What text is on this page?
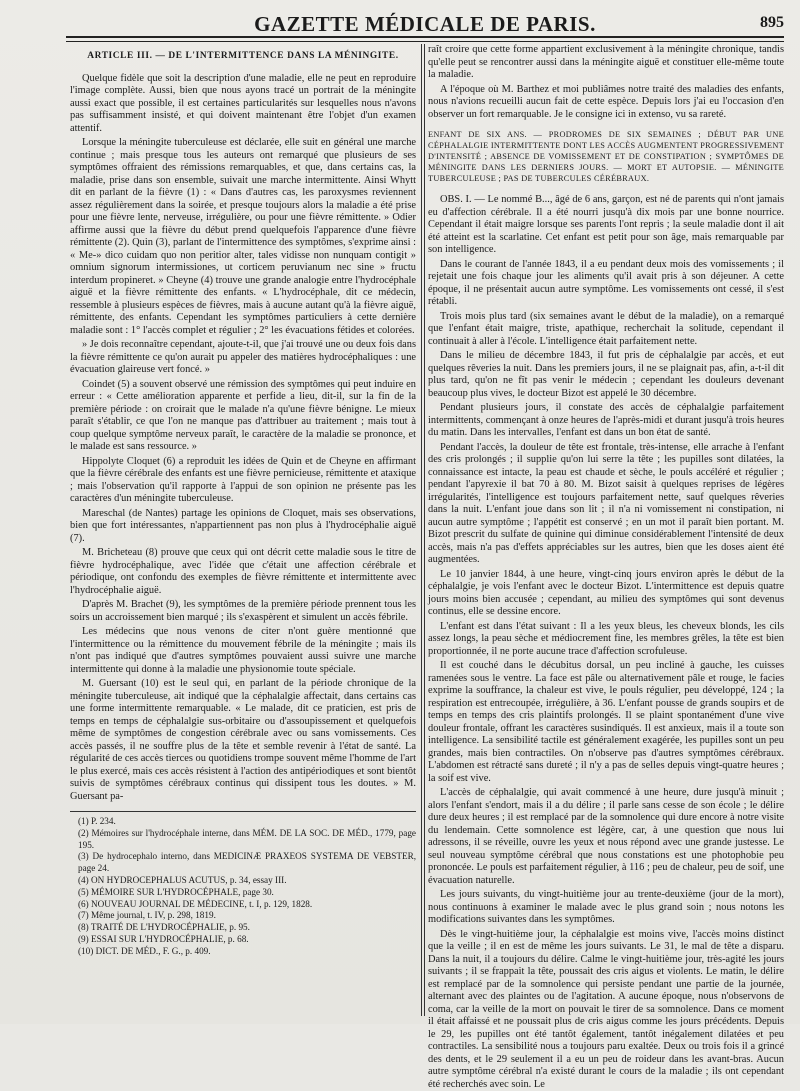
GAZETTE MÉDICALE DE PARIS.	895
ARTICLE III. — DE L'INTERMITTENCE DANS LA MÉNINGITE.

Quelque fidèle que soit la description d'une maladie, elle ne peut en reproduire l'image complète. Aussi, bien que nous ayons tracé un portrait de la méningite aussi exact que possible, il est certaines particularités sur lesquelles nous n'avons pas suffisamment insisté, et qui doivent maintenant être l'objet d'un examen attentif.

Lorsque la méningite tuberculeuse est déclarée, elle suit en général une marche continue ; mais presque tous les auteurs ont remarqué que plusieurs de ses symptômes offraient des rémissions remarquables, et que, dans certains cas, la maladie, prise dans son ensemble, suivait une marche intermittente. Ainsi Whytt dit en parlant de la fièvre (1) : « Dans d'autres cas, les paroxysmes reviennent assez régulièrement dans la soirée, et presque toujours alors la maladie a été prise pour une fièvre lente, nerveuse, irrégulière, ou pour une fièvre rémittente. » Odier affirme aussi que la fièvre du début prend quelquefois l'apparence d'une fièvre rémittente (2). Quin (3), parlant de l'intermittence des symptômes, s'exprime ainsi : « Me-» dico cuidam quo non peritior alter, tales vidisse non nunquam contigit » omnium signorum intermissiones, ut corticem peruvianum nec sine » fructu interdum propineret. » Cheyne (4) trouve une grande analogie entre l'hydrocéphale aiguë et la fièvre rémittente des enfants. « L'hydrocéphale, dit ce médecin, ressemble à plusieurs espèces de fièvres, mais à aucune autant qu'à la fièvre aiguë, rémittente, des enfants. Cependant les symptômes particuliers à cette dernière maladie sont : 1° l'accès complet et régulier ; 2° les évacuations fétides et colorées.

» Je dois reconnaître cependant, ajoute-t-il, que j'ai trouvé une ou deux fois dans la fièvre rémittente ce qu'on aurait pu appeler des matières hydrocéphaliques : une évacuation glaireuse vert foncé. »

Coindet (5) a souvent observé une rémission des symptômes qui peut induire en erreur : « Cette amélioration apparente et perfide a lieu, dit-il, sur la fin de la première période : on croirait que le malade n'a qu'une fièvre bénigne. Le mieux paraît s'établir, ce que l'on ne manque pas d'attribuer au traitement ; mais tout à coup quelque symptôme nerveux paraît, le caractère de la maladie se prononce, et le malade est sans ressource. »

Hippolyte Cloquet (6) a reproduit les idées de Quin et de Cheyne en affirmant que la fièvre cérébrale des enfants est une fièvre pernicieuse, rémittente et ataxique ; mais l'observation qu'il rapporte à l'appui de son opinion ne présente pas les caractères d'un méningite tuberculeuse.

Mareschal (de Nantes) partage les opinions de Cloquet, mais ses observations, bien que fort intéressantes, n'appartiennent pas non plus à l'hydrocéphalie aiguë (7).

M. Bricheteau (8) prouve que ceux qui ont décrit cette maladie sous le titre de fièvre hydrocéphalique, avec l'idée que c'était une affection cérébrale et périodique, ont confondu des exemples de fièvre rémittente et intermittente avec l'hydrocéphalie aiguë.

D'après M. Brachet (9), les symptômes de la première période prennent tous les soirs un accroissement bien marqué ; ils s'exaspèrent et simulent un accès fébrile.

Les médecins que nous venons de citer n'ont guère mentionné que l'intermittence ou la rémittence du mouvement fébrile de la méningite ; mais ils n'ont pas indiqué que d'autres symptômes pouvaient aussi suivre une marche intermittente qui donne à la maladie une physionomie toute spéciale.

M. Guersant (10) est le seul qui, en parlant de la période chronique de la méningite tuberculeuse, ait indiqué que la céphalalgie affectait, dans certains cas une forme intermittente remarquable. « Le malade, dit ce praticien, est pris de temps en temps de céphalalgie sus-orbitaire ou d'assoupissement et quelquefois même de symptômes de congestion cérébrale avec ou sans vomissements. Ces accès passés, il ne souffre plus de la tête et semble revenir à l'état de santé. La régularité de ces accès tierces ou quotidiens trompe souvent même l'homme de l'art le plus exercé, mais ces accès résistent à l'action des antipériodiques et sont bientôt suivis de symptômes cérébraux continus qui dissipent tous les doutes. » M. Guersant pa-

(1) P. 234.

(2) Mémoires sur l'hydrocéphale interne, dans MÉM. DE LA SOC. DE MÉD., 1779, page 195.

(3) De hydrocephalo interno, dans MEDICINÆ PRAXEOS SYSTEMA DE VEBSTER, page 24.

(4) ON HYDROCEPHALUS ACUTUS, p. 34, essay III.

(5) MÉMOIRE SUR L'HYDROCÉPHALE, page 30.

(6) NOUVEAU JOURNAL DE MÉDECINE, t. I, p. 129, 1828.

(7) Même journal, t. IV, p. 298, 1819.

(8) TRAITÉ DE L'HYDROCÉPHALIE, p. 95.

(9) ESSAI SUR L'HYDROCÉPHALIE, p. 68.

(10) DICT. DE MÉD., F. G., p. 409.

raît croire que cette forme appartient exclusivement à la méningite chronique, tandis qu'elle peut se rencontrer aussi dans la méningite aiguë et constituer elle-même toute la maladie.

A l'époque où M. Barthez et moi publiâmes notre traité des maladies des enfants, nous n'avions recueilli aucun fait de cette espèce. Depuis lors j'ai eu l'occasion d'en observer un fort remarquable. Je le consigne ici in extenso, vu sa rareté.

ENFANT DE SIX ANS. — PRODROMES DE SIX SEMAINES ; DÉBUT PAR UNE CÉPHALALGIE INTERMITTENTE DONT LES ACCÈS AUGMENTENT PROGRESSIVEMENT D'INTENSITÉ ; ABSENCE DE VOMISSEMENT ET DE CONSTIPATION ; SYMPTÔMES DE MÉNINGITE DANS LES DERNIERS JOURS. — MORT ET AUTOPSIE. — MÉNINGITE TUBERCULEUSE ; PAS DE TUBERCULES CÉRÉBRAUX.

OBS. I. — Le nommé B..., âgé de 6 ans, garçon, est né de parents qui n'ont jamais eu d'affection cérébrale. Il a été nourri jusqu'à dix mois par une bonne nourrice. Cependant il était maigre lorsque ses parents l'ont repris ; la seule maladie dont il ait été atteint est la scarlatine. Cet enfant est petit pour son âge, mais remarquable par son intelligence.

Dans le courant de l'année 1843, il a eu pendant deux mois des vomissements ; il rejetait une fois chaque jour les aliments qu'il avait pris à son déjeuner. A cette époque, il ne présentait aucun autre symptôme. Les vomissements ont cessé, il s'est rétabli.

Trois mois plus tard (six semaines avant le début de la maladie), on a remarqué que l'enfant était maigre, triste, apathique, recherchait la solitude, cependant il continuait à aller à l'école. L'intelligence était parfaitement nette.

Dans le milieu de décembre 1843, il fut pris de céphalalgie par accès, et eut quelques rêveries la nuit. Dans les premiers jours, il ne se plaignait pas, afin, a-t-il dit plus tard, qu'on ne fît pas venir le médecin ; cependant les douleurs devenant beaucoup plus vives, le docteur Bizot est appelé le 30 décembre.

Pendant plusieurs jours, il constate des accès de céphalalgie parfaitement intermittents, commençant à onze heures de l'après-midi et durant jusqu'à trois heures du matin. Dans les intervalles, l'enfant est dans un bon état de santé.

Pendant l'accès, la douleur de tête est frontale, très-intense, elle arrache à l'enfant des cris prolongés ; il supplie qu'on lui serre la tête ; les pupilles sont dilatées, la connaissance est intacte, la peau est chaude et sèche, le pouls accéléré et régulier ; pendant l'apyrexie il bat 70 à 80. M. Bizot saisit à quelques reprises de légères irrégularités, l'intelligence est toujours parfaitement nette, sauf quelques rêveries dans la nuit. L'enfant joue dans son lit ; il n'a ni vomissement ni constipation, ni aucun autre symptôme ; l'appétit est conservé ; en un mot il paraît bien portant. M. Bizot prescrit du sulfate de quinine qui diminue considérablement l'intensité de deux accès, mais n'a pas d'effets appréciables sur les autres, bien que les doses aient été augmentées.

Le 10 janvier 1844, à une heure, vingt-cinq jours environ après le début de la céphalalgie, je vois l'enfant avec le docteur Bizot. L'intermittence est depuis quatre jours moins bien accusée ; cependant, au milieu des symptômes qui sont devenus continus, elle se dessine encore.

L'enfant est dans l'état suivant : Il a les yeux bleus, les cheveux blonds, les cils assez longs, la peau sèche et médiocrement fine, les membres grêles, la tête est bien proportionnée, il ne porte aucune trace d'affection scrofuleuse.

Il est couché dans le décubitus dorsal, un peu incliné à gauche, les cuisses ramenées sous le ventre. La face est pâle ou alternativement pâle et rouge, le facies exprime la souffrance, la chaleur est vive, le pouls régulier, peu développé, 124 ; la respiration est entrecoupée, irrégulière, à 36. L'enfant pousse de grands soupirs et de temps en temps des cris plaintifs prolongés. Il se plaint spontanément d'une vive douleur frontale, offrant les caractères susindiqués. Il est anxieux, mais il a toute son intelligence. La sensibilité tactile est généralement exagérée, les pupilles sont un peu grandes, mais bien contractiles. On n'observe pas d'autres symptômes cérébraux. L'abdomen est rétracté sans dureté ; il n'y a pas de selles depuis vingt-quatre heures ; la soif est vive.

L'accès de céphalalgie, qui avait commencé à une heure, dure jusqu'à minuit ; alors l'enfant s'endort, mais il a du délire ; il parle sans cesse de son école ; le délire dure deux heures ; il est remplacé par de la somnolence qui dure encore à notre visite du lendemain. Cette somnolence est légère, car, à une question que nous lui adressons, il se réveille, ouvre les yeux et nous répond avec une grande justesse. Le seul nouveau symptôme cérébral que nous constations est une photophobie peu prononcée. Le pouls est parfaitement régulier, à 116 ; peu de chaleur, peu de soif, une évacuation naturelle.

Les jours suivants, du vingt-huitième jour au trente-deuxième (jour de la mort), nous continuons à examiner le malade avec le plus grand soin ; nous notons les modifications suivantes dans les symptômes.

Dès le vingt-huitième jour, la céphalalgie est moins vive, l'accès moins distinct que la veille ; il en est de même les jours suivants. Le 31, le mal de tête a disparu. Dans la nuit, il a toujours du délire. Calme le vingt-huitième jour, très-agité les jours suivants ; il se frappait la tête, poussait des cris aigus et violents. Le matin, le délire est remplacé par de la somnolence qui persiste pendant une partie de la journée, alternant avec des plaintes ou de l'agitation. A aucune époque, nous n'observons de coma, car la veille de la mort on pouvait le tirer de sa somnolence. Dans ce moment il était affaissé et ne poussait plus de cris aigus comme les jours précédents. Depuis le 29, les pupilles ont été tantôt également, tantôt inégalement dilatées et peu contractiles. La sensibilité nous a toujours paru exaltée. Deux ou trois fois il a grincé des dents, et le 29 seulement il a eu un peu de roideur dans les avant-bras. Aucun autre symptôme cérébral n'a existé durant le cours de la maladie ; ils ont cependant été recherchés avec soin. Le
